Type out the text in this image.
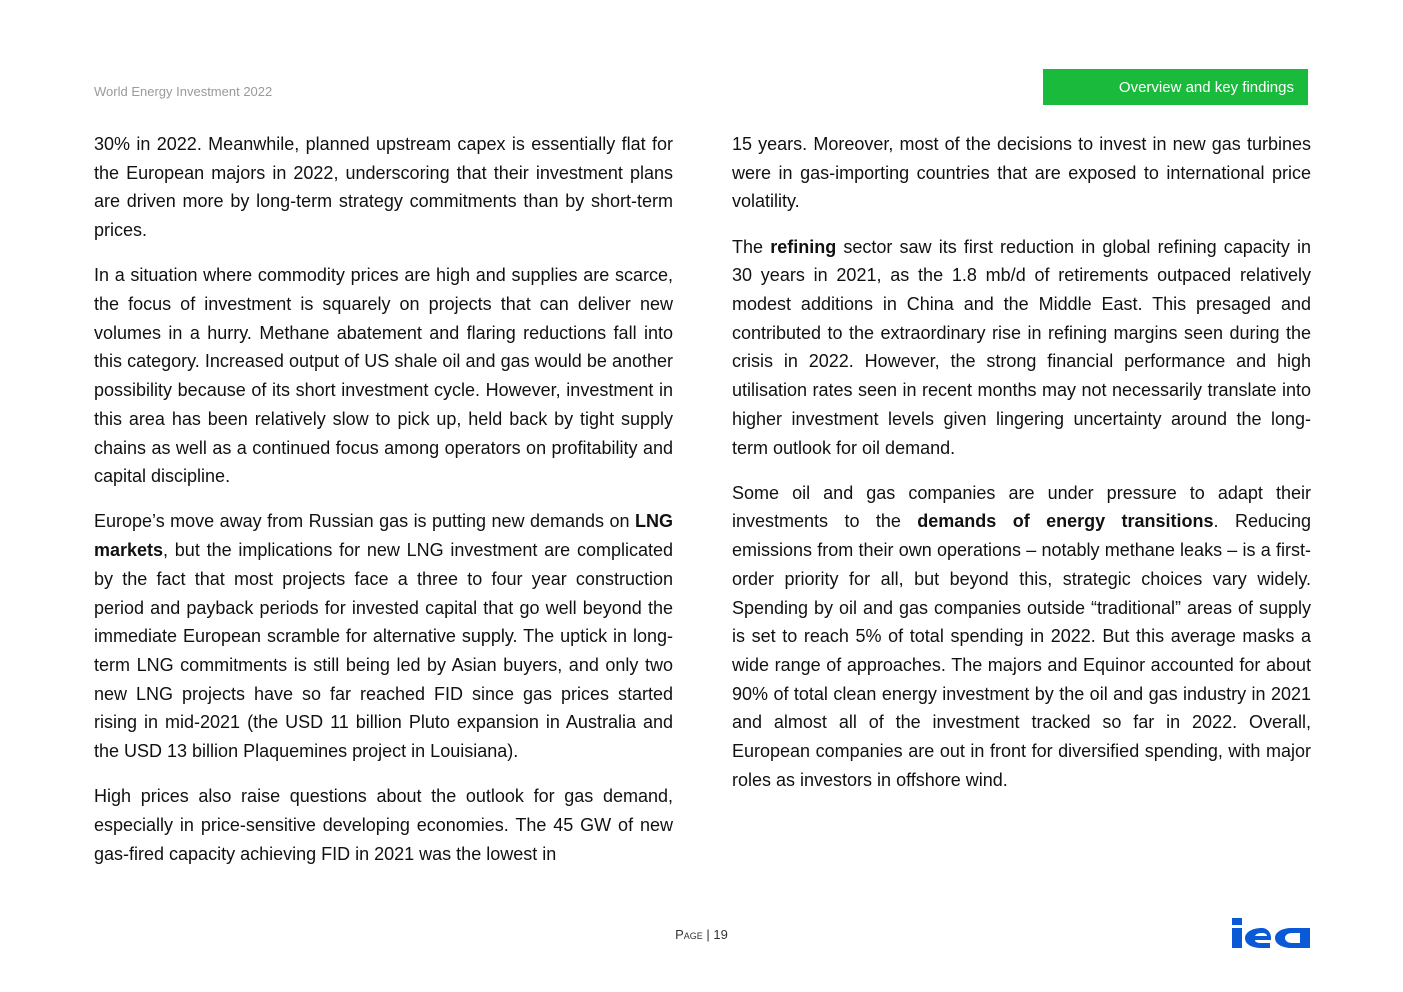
World Energy Investment 2022	Overview and key findings

30% in 2022. Meanwhile, planned upstream capex is essentially flat for the European majors in 2022, underscoring that their investment plans are driven more by long-term strategy commitments than by short-term prices.

In a situation where commodity prices are high and supplies are scarce, the focus of investment is squarely on projects that can deliver new volumes in a hurry. Methane abatement and flaring reductions fall into this category. Increased output of US shale oil and gas would be another possibility because of its short investment cycle. However, investment in this area has been relatively slow to pick up, held back by tight supply chains as well as a continued focus among operators on profitability and capital discipline.

Europe’s move away from Russian gas is putting new demands on LNG markets, but the implications for new LNG investment are complicated by the fact that most projects face a three to four year construction period and payback periods for invested capital that go well beyond the immediate European scramble for alternative supply. The uptick in long-term LNG commitments is still being led by Asian buyers, and only two new LNG projects have so far reached FID since gas prices started rising in mid-2021 (the USD 11 billion Pluto expansion in Australia and the USD 13 billion Plaquemines project in Louisiana).

High prices also raise questions about the outlook for gas demand, especially in price-sensitive developing economies. The 45 GW of new gas-fired capacity achieving FID in 2021 was the lowest in

15 years. Moreover, most of the decisions to invest in new gas turbines were in gas-importing countries that are exposed to international price volatility.

The refining sector saw its first reduction in global refining capacity in 30 years in 2021, as the 1.8 mb/d of retirements outpaced relatively modest additions in China and the Middle East. This presaged and contributed to the extraordinary rise in refining margins seen during the crisis in 2022. However, the strong financial performance and high utilisation rates seen in recent months may not necessarily translate into higher investment levels given lingering uncertainty around the long-term outlook for oil demand.

Some oil and gas companies are under pressure to adapt their investments to the demands of energy transitions. Reducing emissions from their own operations – notably methane leaks – is a first-order priority for all, but beyond this, strategic choices vary widely. Spending by oil and gas companies outside “traditional” areas of supply is set to reach 5% of total spending in 2022. But this average masks a wide range of approaches. The majors and Equinor accounted for about 90% of total clean energy investment by the oil and gas industry in 2021 and almost all of the investment tracked so far in 2022. Overall, European companies are out in front for diversified spending, with major roles as investors in offshore wind.

Page | 19
